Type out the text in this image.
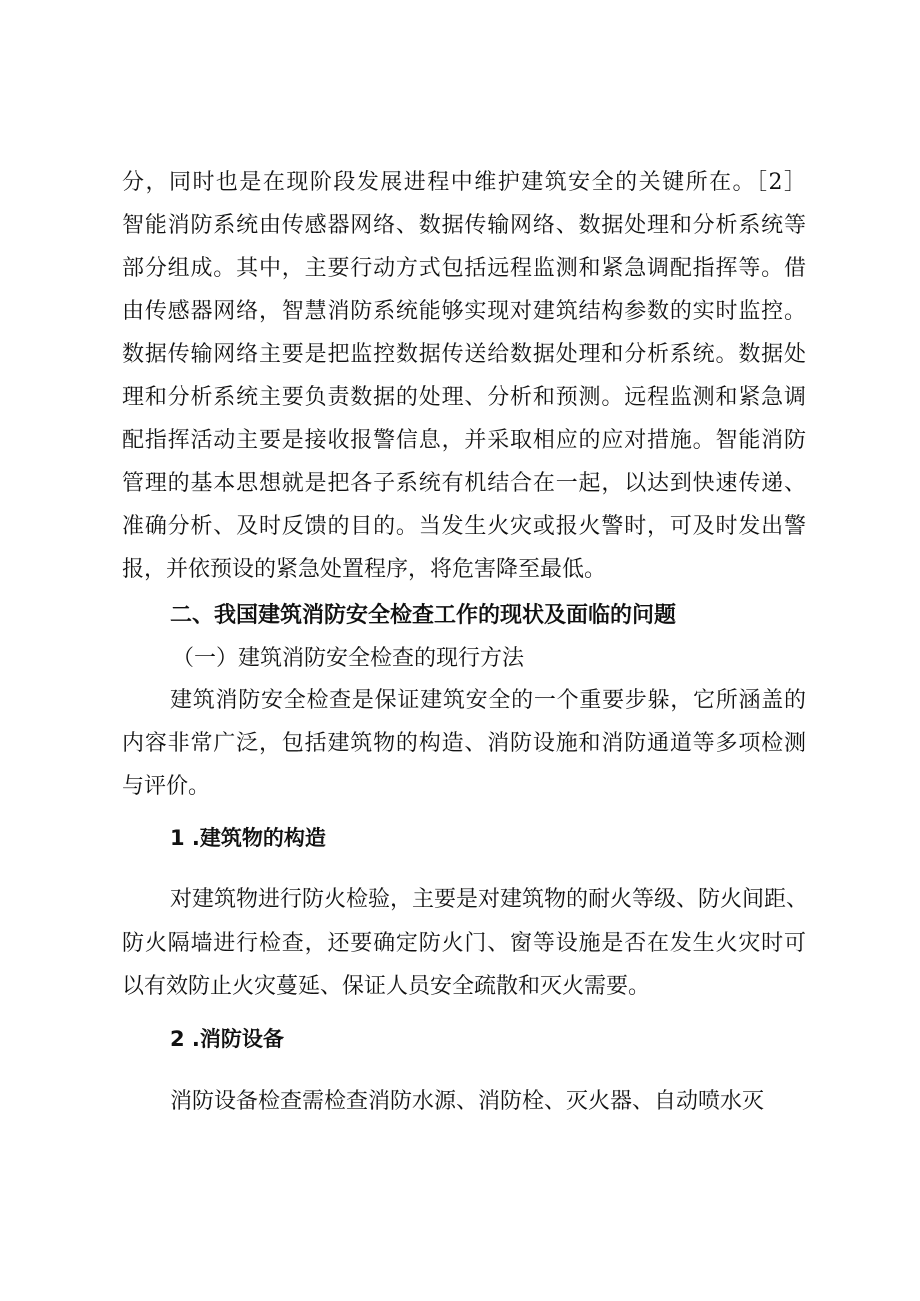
分，同时也是在现阶段发展进程中维护建筑安全的关键所在。［2］
智能消防系统由传感器网络、数据传输网络、数据处理和分析系统等
部分组成。其中，主要行动方式包括远程监测和紧急调配指挥等。借
由传感器网络，智慧消防系统能够实现对建筑结构参数的实时监控。
数据传输网络主要是把监控数据传送给数据处理和分析系统。数据处
理和分析系统主要负责数据的处理、分析和预测。远程监测和紧急调
配指挥活动主要是接收报警信息，并采取相应的应对措施。智能消防
管理的基本思想就是把各子系统有机结合在一起，以达到快速传递、
准确分析、及时反馈的目的。当发生火灾或报火警时，可及时发出警
报，并依预设的紧急处置程序，将危害降至最低。
二、我国建筑消防安全检查工作的现状及面临的问题
（一）建筑消防安全检查的现行方法
建筑消防安全检查是保证建筑安全的一个重要步躲，它所涵盖的
内容非常广泛，包括建筑物的构造、消防设施和消防通道等多项检测
与评价。
1 .建筑物的构造
对建筑物进行防火检验，主要是对建筑物的耐火等级、防火间距、
防火隔墙进行检查，还要确定防火门、窗等设施是否在发生火灾时可
以有效防止火灾蔓延、保证人员安全疏散和灭火需要。
2 .消防设备
消防设备检查需检查消防水源、消防栓、灭火器、自动喷水灭
